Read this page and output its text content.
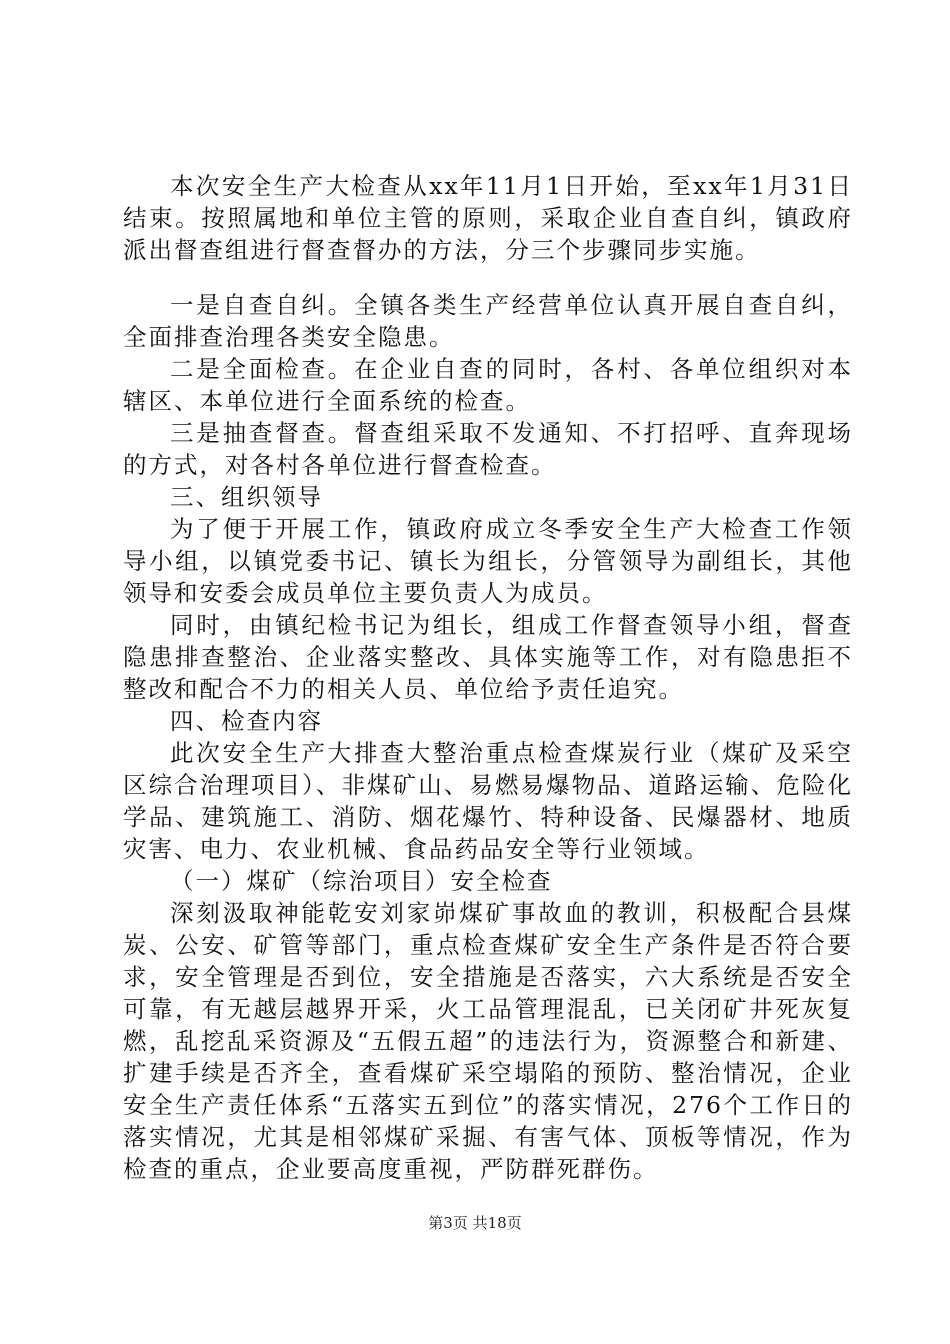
本次安全生产大检查从xx年11月1日开始，至xx年1月31日结束。按照属地和单位主管的原则，采取企业自查自纠，镇政府派出督查组进行督查督办的方法，分三个步骤同步实施。

一是自查自纠。全镇各类生产经营单位认真开展自查自纠，全面排查治理各类安全隐患。

二是全面检查。在企业自查的同时，各村、各单位组织对本辖区、本单位进行全面系统的检查。

三是抽查督查。督查组采取不发通知、不打招呼、直奔现场的方式，对各村各单位进行督查检查。

三、组织领导

为了便于开展工作，镇政府成立冬季安全生产大检查工作领导小组，以镇党委书记、镇长为组长，分管领导为副组长，其他领导和安委会成员单位主要负责人为成员。

同时，由镇纪检书记为组长，组成工作督查领导小组，督查隐患排查整治、企业落实整改、具体实施等工作，对有隐患拒不整改和配合不力的相关人员、单位给予责任追究。

四、检查内容

此次安全生产大排查大整治重点检查煤炭行业（煤矿及采空区综合治理项目）、非煤矿山、易燃易爆物品、道路运输、危险化学品、建筑施工、消防、烟花爆竹、特种设备、民爆器材、地质灾害、电力、农业机械、食品药品安全等行业领域。

（一）煤矿（综治项目）安全检查

深刻汲取神能乾安刘家峁煤矿事故血的教训，积极配合县煤炭、公安、矿管等部门，重点检查煤矿安全生产条件是否符合要求，安全管理是否到位，安全措施是否落实，六大系统是否安全可靠，有无越层越界开采，火工品管理混乱，已关闭矿井死灰复燃，乱挖乱采资源及“五假五超”的违法行为，资源整合和新建、扩建手续是否齐全，查看煤矿采空塌陷的预防、整治情况，企业安全生产责任体系“五落实五到位”的落实情况，276个工作日的落实情况，尤其是相邻煤矿采掘、有害气体、顶板等情况，作为检查的重点，企业要高度重视，严防群死群伤。

第3页 共18页
